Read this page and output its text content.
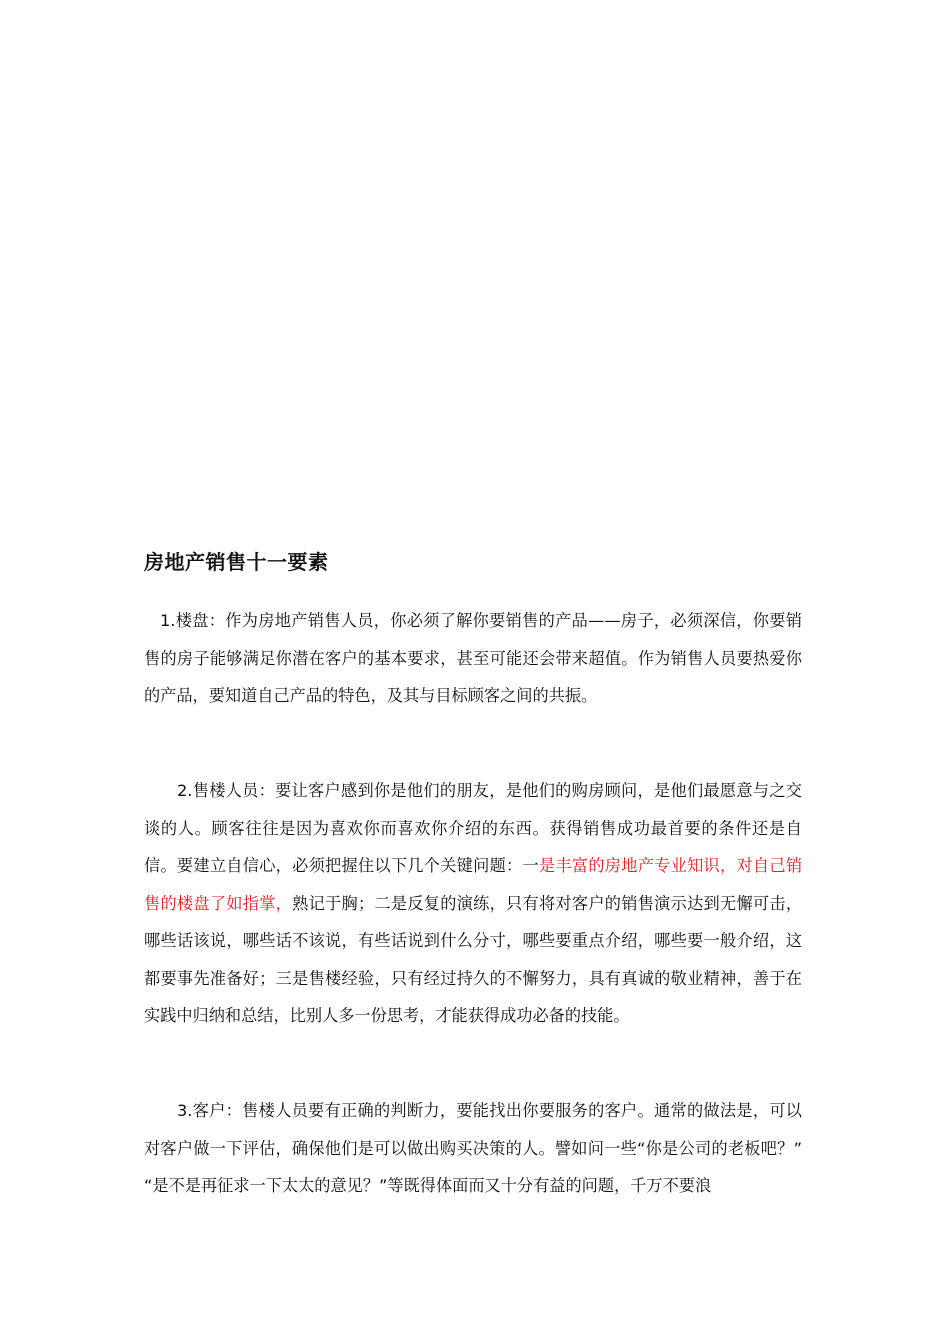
房地产销售十一要素

1.楼盘：作为房地产销售人员，你必须了解你要销售的产品——房子，必须深信，你要销售的房子能够满足你潜在客户的基本要求，甚至可能还会带来超值。作为销售人员要热爱你的产品，要知道自己产品的特色，及其与目标顾客之间的共振。

2.售楼人员：要让客户感到你是他们的朋友，是他们的购房顾问，是他们最愿意与之交谈的人。顾客往往是因为喜欢你而喜欢你介绍的东西。获得销售成功最首要的条件还是自信。要建立自信心，必须把握住以下几个关键问题：一是丰富的房地产专业知识，对自己销售的楼盘了如指掌，熟记于胸；二是反复的演练，只有将对客户的销售演示达到无懈可击，哪些话该说，哪些话不该说，有些话说到什么分寸，哪些要重点介绍，哪些要一般介绍，这都要事先准备好；三是售楼经验，只有经过持久的不懈努力，具有真诚的敬业精神，善于在实践中归纳和总结，比别人多一份思考，才能获得成功必备的技能。

3.客户：售楼人员要有正确的判断力，要能找出你要服务的客户。通常的做法是，可以对客户做一下评估，确保他们是可以做出购买决策的人。譬如问一些“你是公司的老板吧？” “是不是再征求一下太太的意见？”等既得体面而又十分有益的问题，千万不要浪
